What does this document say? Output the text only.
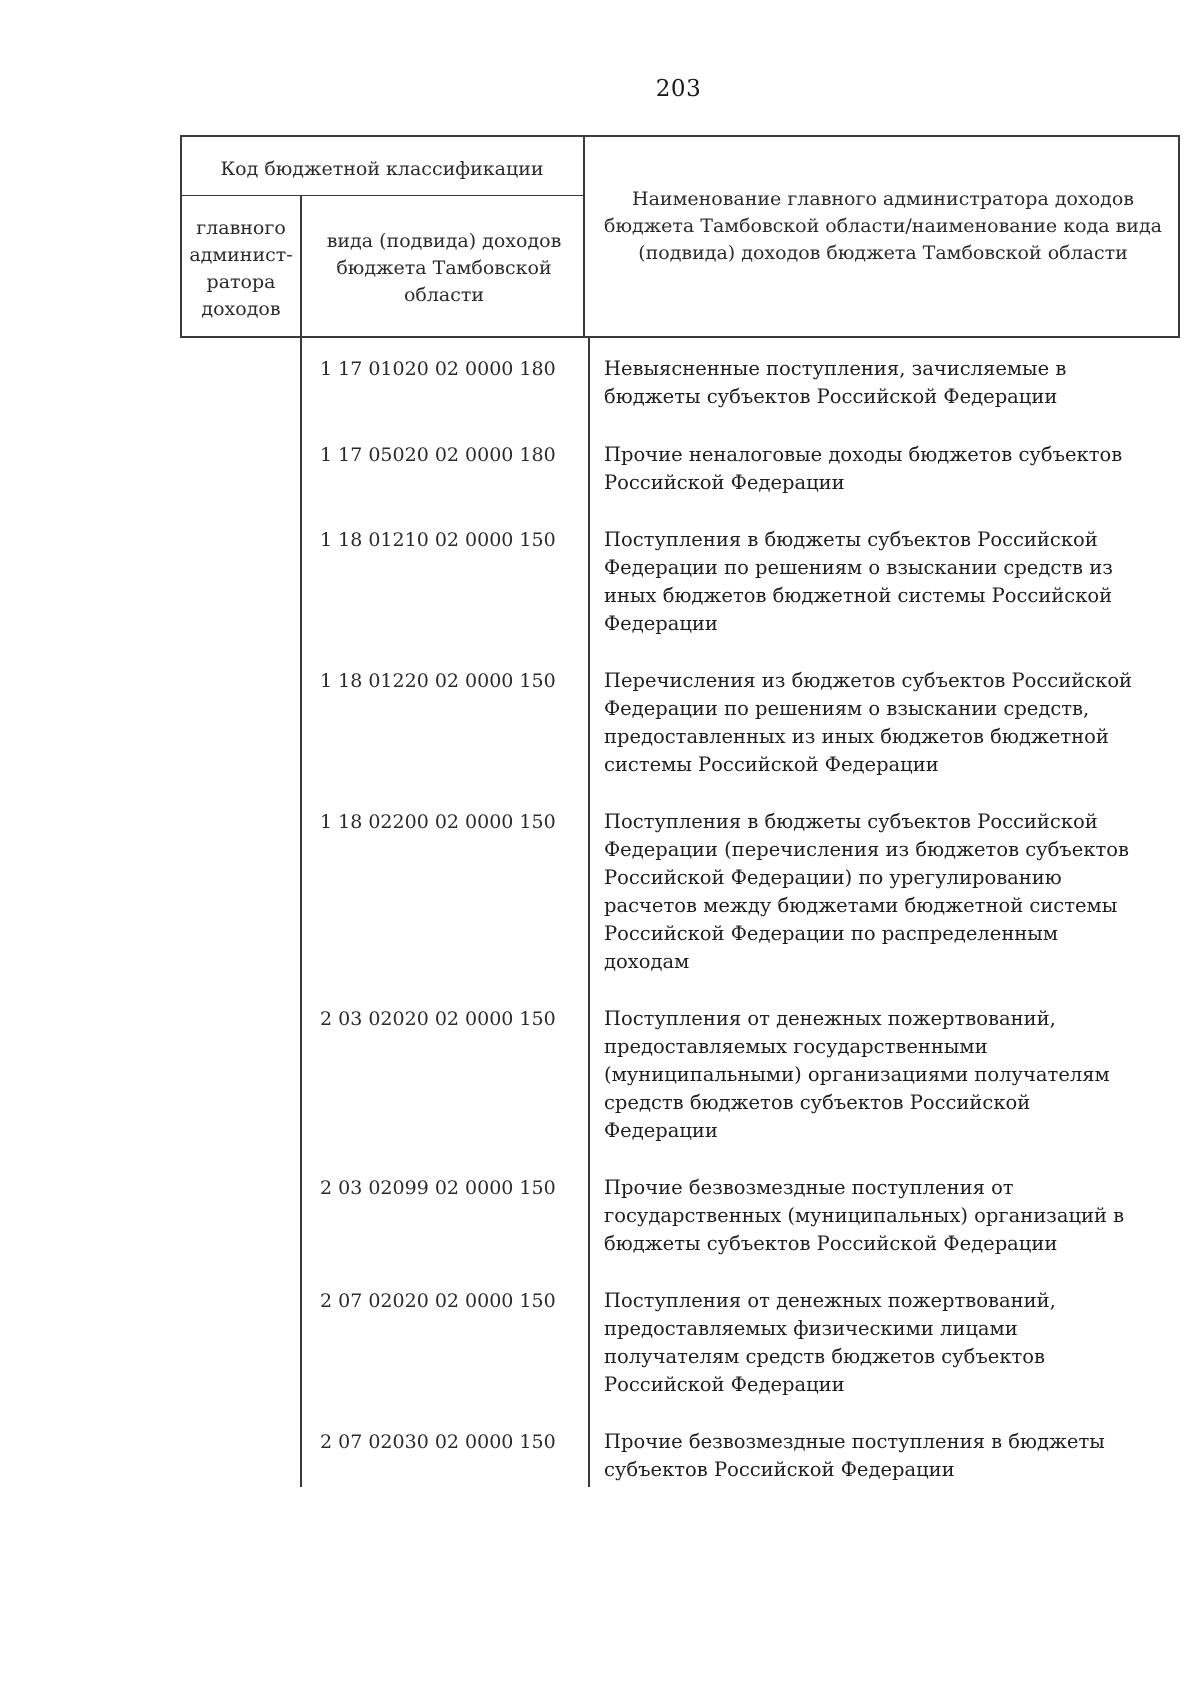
203
Код бюджетной классификации
главного админист-ратора доходов
вида (подвида) доходов бюджета Тамбовской области
Наименование главного администратора доходов бюджета Тамбовской области/наименование кода вида (подвида) доходов бюджета Тамбовской области
1 17 01020 02 0000 180	Невыясненные поступления, зачисляемые в бюджеты субъектов Российской Федерации
1 17 05020 02 0000 180	Прочие неналоговые доходы бюджетов субъектов Российской Федерации
1 18 01210 02 0000 150	Поступления в бюджеты субъектов Российской Федерации по решениям о взыскании средств из иных бюджетов бюджетной системы Российской Федерации
1 18 01220 02 0000 150	Перечисления из бюджетов субъектов Российской Федерации по решениям о взыскании средств, предоставленных из иных бюджетов бюджетной системы Российской Федерации
1 18 02200 02 0000 150	Поступления в бюджеты субъектов Российской Федерации (перечисления из бюджетов субъектов Российской Федерации) по урегулированию расчетов между бюджетами бюджетной системы Российской Федерации по распределенным доходам
2 03 02020 02 0000 150	Поступления от денежных пожертвований, предоставляемых государственными (муниципальными) организациями получателям средств бюджетов субъектов Российской Федерации
2 03 02099 02 0000 150	Прочие безвозмездные поступления от государственных (муниципальных) организаций в бюджеты субъектов Российской Федерации
2 07 02020 02 0000 150	Поступления от денежных пожертвований, предоставляемых физическими лицами получателям средств бюджетов субъектов Российской Федерации
2 07 02030 02 0000 150	Прочие безвозмездные поступления в бюджеты субъектов Российской Федерации
